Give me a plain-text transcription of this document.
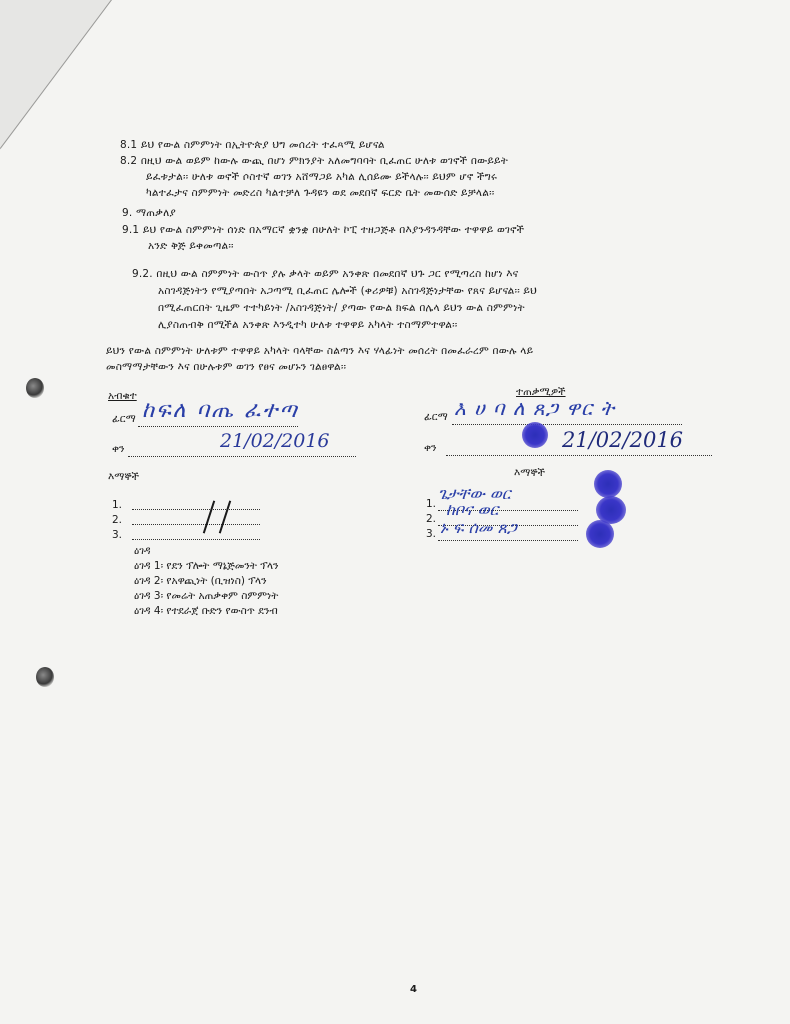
8.1 ይህ የውል ስምምነት በኢትዮጵያ ህግ መሰረት ተፈጻሚ ይሆናል
8.2 በዚህ ውል ወይም ከውሉ ውጪ በሆነ ምክንያት አለመግባባት ቢፈጠር ሁለቱ ወገኖች በውይይት
ይፈቱታል፡፡ ሁለቱ ወኖች ሶስተኛ ወገን አሸማጋይ አካል ሊሰይሙ ይችላሉ፡፡ ይህም ሆኖ ችግሩ
ካልተፈታና ስምምነት መድረስ ካልተቻለ ጉዳዩን ወደ መደበኛ ፍርድ ቤት መውሰድ ይቻላል፡፡
9. ማጠቃለያ
9.1 ይህ የውል ስምምነት ሰነድ በአማርኛ ቋንቋ በሁለት ኮፒ ተዘጋጅቶ በእያንዳንዳቸው ተዋዋይ ወገኖች
አንድ ቅጅ ይቀመጣል፡፡
9.2. በዚህ ውል ስምምነት ውስጥ ያሉ ቃላት ወይም አንቀጽ በመደበኛ ህጉ ጋር የሚጣረስ ከሆነ እና
አስገዳጅነትን የሚያጣበት አጋጣሚ ቢፈጠር ሌሎች (ቀሪዎቹ) አስገዳጅነታቸው የጸና ይሆናል፡፡ ይህ
በሚፈጠርበት ጊዜም ተተካይነት /አስገዳጅነት/ ያጣው የውል ክፍል በሌላ ይህን ውል ስምምነት
ሊያስጠብቅ በሚችል አንቀጽ እንዲተካ ሁለቱ ተዋዋይ አካላት ተስማምተዋል፡፡
ይህን የውል ስምምነት ሁለቱም ተዋዋይ አካላት ባላቸው ስልጣን እና ሃላፊነት መሰረት በመፈራረም በውሉ ላይ
መስማማታቸውን እና በሁሉቱም ወገን የፀና መሆኑን ገልፀዋል፡፡
አብቁተ
ፊርማ ከፍለ ባጤ ፈተጣ
ቀን	21/02/2016
እማኞች
1.
2.
3.
ዕገዳ
ዕገዳ 1፡ የደን ፕሎት ማኔጅመንት ፕላን
ዕገዳ 2፡ የአዋጪነት (ቢዝነስ) ፕላን
ዕገዳ 3፡ የመሬት አጠቃቀም ስምምነት
ዕገዳ 4፡ የተደራጀ ቡድን የውስጥ ደንብ
ተጠቃሚዎች
ፊርማ እ ሀ ባ ለ ጸጋ ዋር ት
ቀን	21/02/2016
እማኞች
1.
2.
3.
ጌታቸው ወር
ከቦና ወር
ኑ ፍ ሰመ ጸጋ
4
